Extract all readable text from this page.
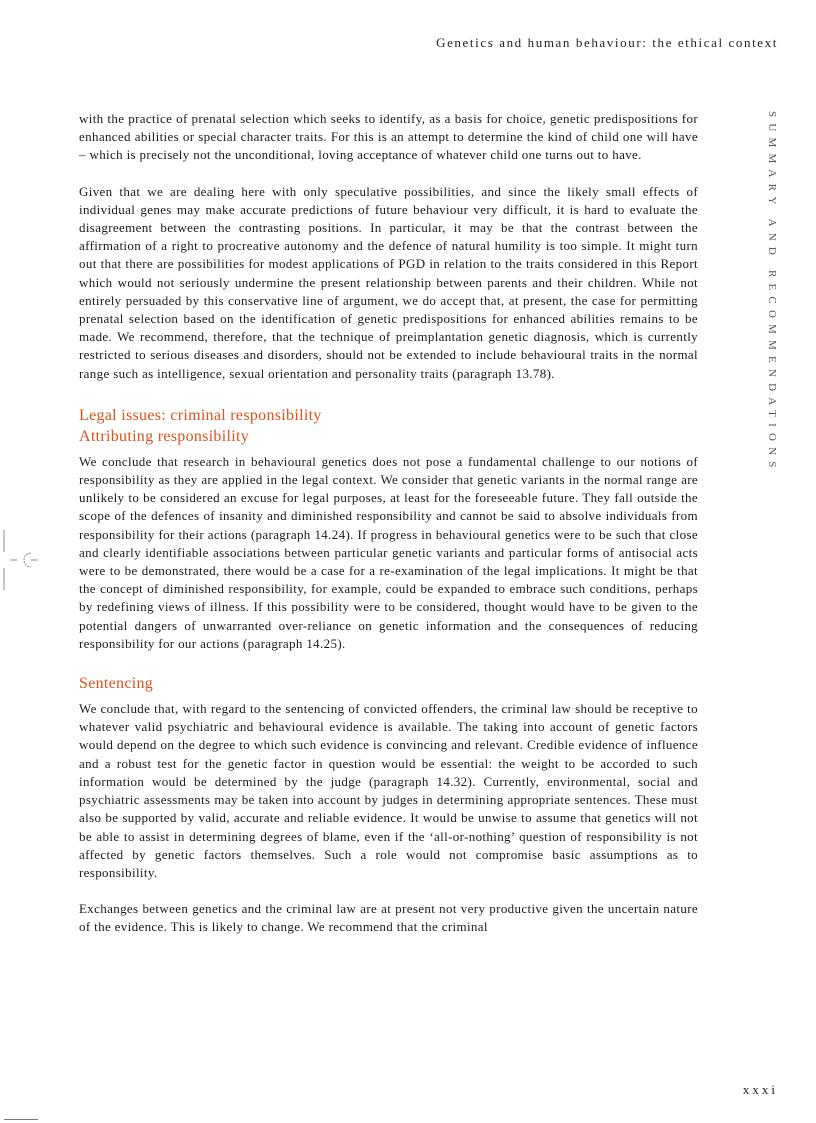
Genetics and human behaviour: the ethical context
SUMMARY AND RECOMMENDATIONS

with the practice of prenatal selection which seeks to identify, as a basis for choice, genetic predispositions for enhanced abilities or special character traits. For this is an attempt to determine the kind of child one will have – which is precisely not the unconditional, loving acceptance of whatever child one turns out to have.

Given that we are dealing here with only speculative possibilities, and since the likely small effects of individual genes may make accurate predictions of future behaviour very difficult, it is hard to evaluate the disagreement between the contrasting positions. In particular, it may be that the contrast between the affirmation of a right to procreative autonomy and the defence of natural humility is too simple. It might turn out that there are possibilities for modest applications of PGD in relation to the traits considered in this Report which would not seriously undermine the present relationship between parents and their children. While not entirely persuaded by this conservative line of argument, we do accept that, at present, the case for permitting prenatal selection based on the identification of genetic predispositions for enhanced abilities remains to be made. We recommend, therefore, that the technique of preimplantation genetic diagnosis, which is currently restricted to serious diseases and disorders, should not be extended to include behavioural traits in the normal range such as intelligence, sexual orientation and personality traits (paragraph 13.78).

Legal issues: criminal responsibility
Attributing responsibility

We conclude that research in behavioural genetics does not pose a fundamental challenge to our notions of responsibility as they are applied in the legal context. We consider that genetic variants in the normal range are unlikely to be considered an excuse for legal purposes, at least for the foreseeable future. They fall outside the scope of the defences of insanity and diminished responsibility and cannot be said to absolve individuals from responsibility for their actions (paragraph 14.24). If progress in behavioural genetics were to be such that close and clearly identifiable associations between particular genetic variants and particular forms of antisocial acts were to be demonstrated, there would be a case for a re-examination of the legal implications. It might be that the concept of diminished responsibility, for example, could be expanded to embrace such conditions, perhaps by redefining views of illness. If this possibility were to be considered, thought would have to be given to the potential dangers of unwarranted over-reliance on genetic information and the consequences of reducing responsibility for our actions (paragraph 14.25).

Sentencing

We conclude that, with regard to the sentencing of convicted offenders, the criminal law should be receptive to whatever valid psychiatric and behavioural evidence is available. The taking into account of genetic factors would depend on the degree to which such evidence is convincing and relevant. Credible evidence of influence and a robust test for the genetic factor in question would be essential: the weight to be accorded to such information would be determined by the judge (paragraph 14.32). Currently, environmental, social and psychiatric assessments may be taken into account by judges in determining appropriate sentences. These must also be supported by valid, accurate and reliable evidence. It would be unwise to assume that genetics will not be able to assist in determining degrees of blame, even if the ‘all-or-nothing’ question of responsibility is not affected by genetic factors themselves. Such a role would not compromise basic assumptions as to responsibility.

Exchanges between genetics and the criminal law are at present not very productive given the uncertain nature of the evidence. This is likely to change. We recommend that the criminal

xxxi
